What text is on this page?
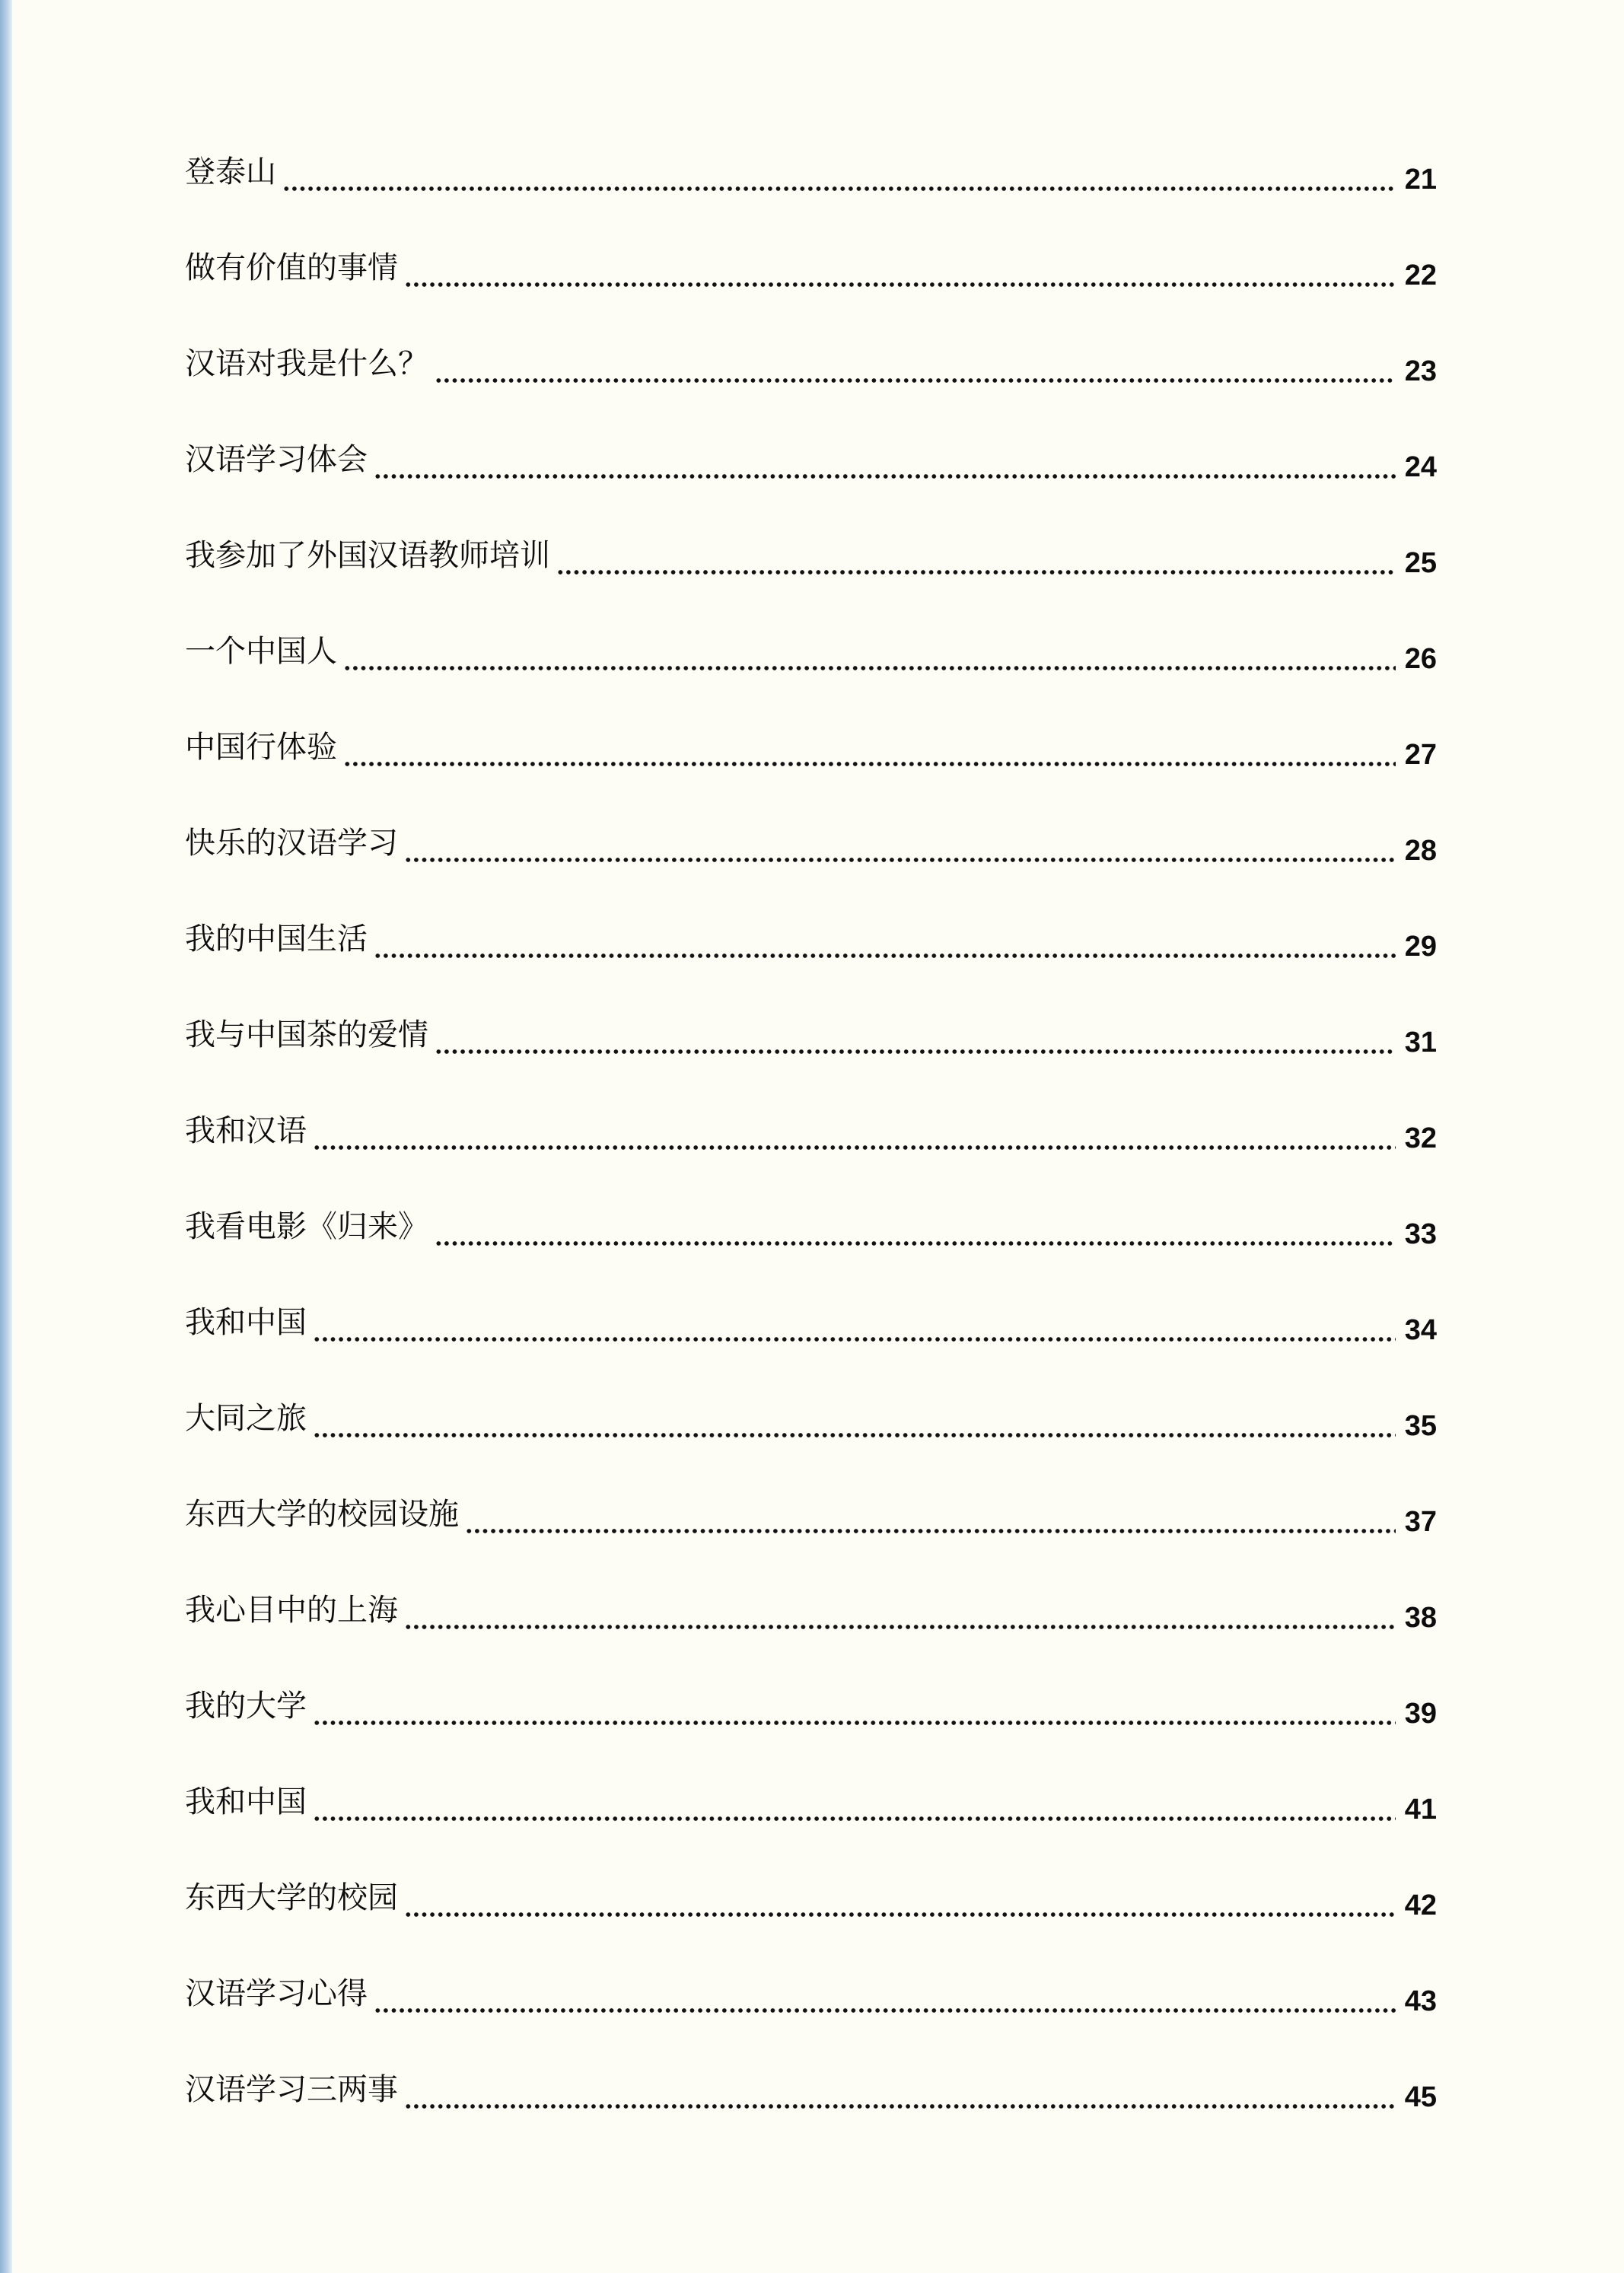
登泰山	21
做有价值的事情	22
汉语对我是什么？	23
汉语学习体会	24
我参加了外国汉语教师培训	25
一个中国人	26
中国行体验	27
快乐的汉语学习	28
我的中国生活	29
我与中国茶的爱情	31
我和汉语	32
我看电影《归来》	33
我和中国	34
大同之旅	35
东西大学的校园设施	37
我心目中的上海	38
我的大学	39
我和中国	41
东西大学的校园	42
汉语学习心得	43
汉语学习三两事	45
